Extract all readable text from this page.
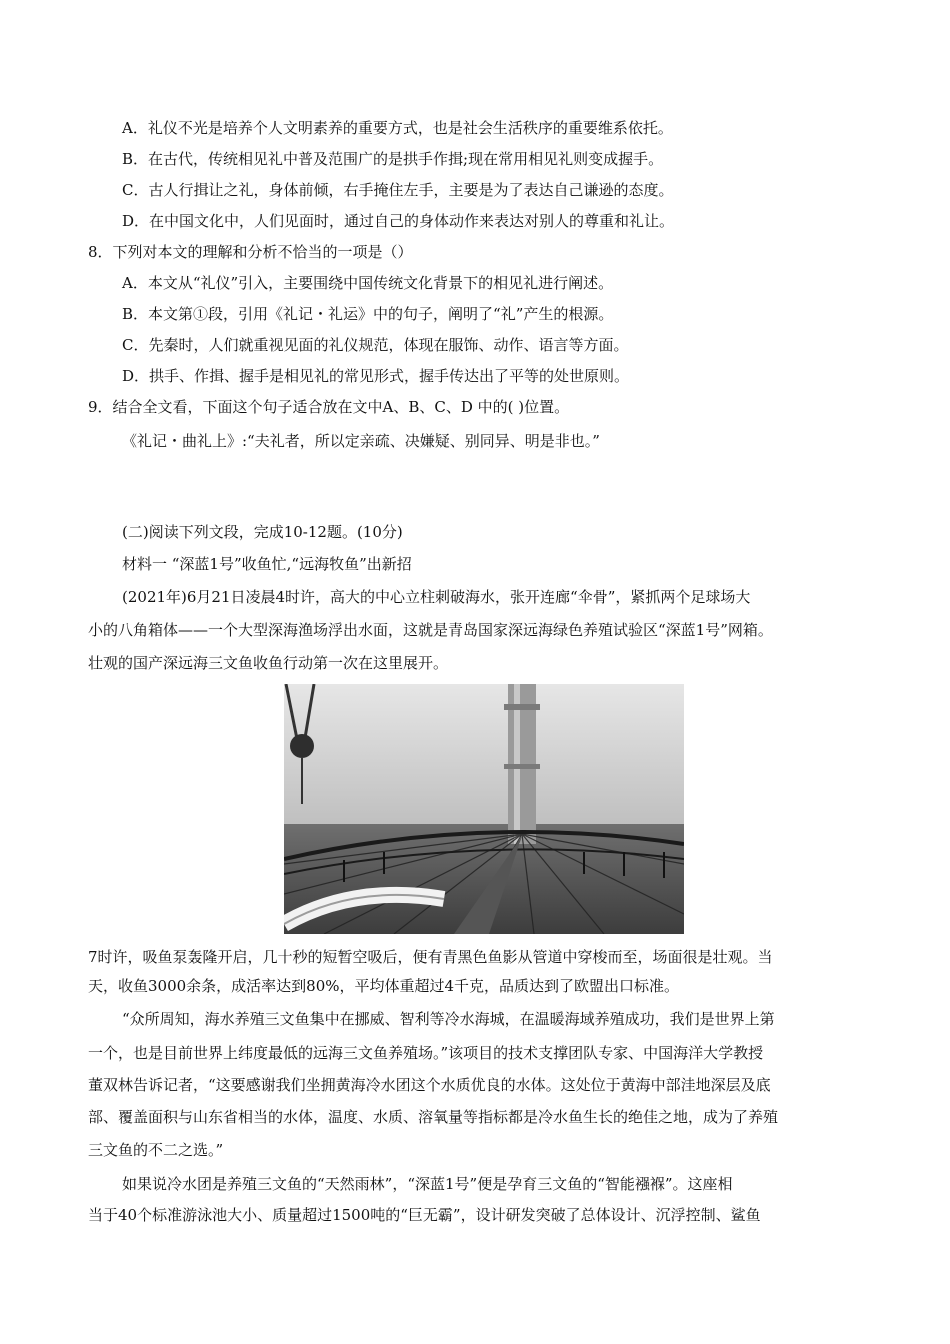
A．礼仪不光是培养个人文明素养的重要方式，也是社会生活秩序的重要维系依托。
B．在古代，传统相见礼中普及范围广的是拱手作揖;现在常用相见礼则变成握手。
C．古人行揖让之礼，身体前倾，右手掩住左手，主要是为了表达自己谦逊的态度。
D．在中国文化中，人们见面时，通过自己的身体动作来表达对别人的尊重和礼让。
8．下列对本文的理解和分析不恰当的一项是（）
A．本文从“礼仪”引入，主要围绕中国传统文化背景下的相见礼进行阐述。
B．本文第①段，引用《礼记・礼运》中的句子，阐明了“礼”产生的根源。
C．先秦时，人们就重视见面的礼仪规范，体现在服饰、动作、语言等方面。
D．拱手、作揖、握手是相见礼的常见形式，握手传达出了平等的处世原则。
9．结合全文看，下面这个句子适合放在文中A、B、C、D 中的( )位置。
《礼记・曲礼上》:“夫礼者，所以定亲疏、决嫌疑、别同异、明是非也。”
(二)阅读下列文段，完成10-12题。(10分)
材料一 “深蓝1号”收鱼忙,“远海牧鱼”出新招
(2021年)6月21日凌晨4时许，高大的中心立柱刺破海水，张开连廊“伞骨”，紧抓两个足球场大
小的八角箱体——一个大型深海渔场浮出水面，这就是青岛国家深远海绿色养殖试验区“深蓝1号”网箱。
壮观的国产深远海三文鱼收鱼行动第一次在这里展开。
7时许，吸鱼泵轰隆开启，几十秒的短暂空吸后，便有青黑色鱼影从管道中穿梭而至，场面很是壮观。当
天，收鱼3000余条，成活率达到80%，平均体重超过4千克，品质达到了欧盟出口标准。
“众所周知，海水养殖三文鱼集中在挪威、智利等冷水海城，在温暖海域养殖成功，我们是世界上第
一个，也是目前世界上纬度最低的远海三文鱼养殖场。”该项目的技术支撑团队专家、中国海洋大学教授
董双林告诉记者，“这要感谢我们坐拥黄海冷水团这个水质优良的水体。这处位于黄海中部洼地深层及底
部、覆盖面积与山东省相当的水体，温度、水质、溶氧量等指标都是冷水鱼生长的绝佳之地，成为了养殖
三文鱼的不二之选。”
如果说冷水团是养殖三文鱼的“天然雨林”，“深蓝1号”便是孕育三文鱼的“智能襁褓”。这座相
当于40个标准游泳池大小、质量超过1500吨的“巨无霸”，设计研发突破了总体设计、沉浮控制、鲨鱼
